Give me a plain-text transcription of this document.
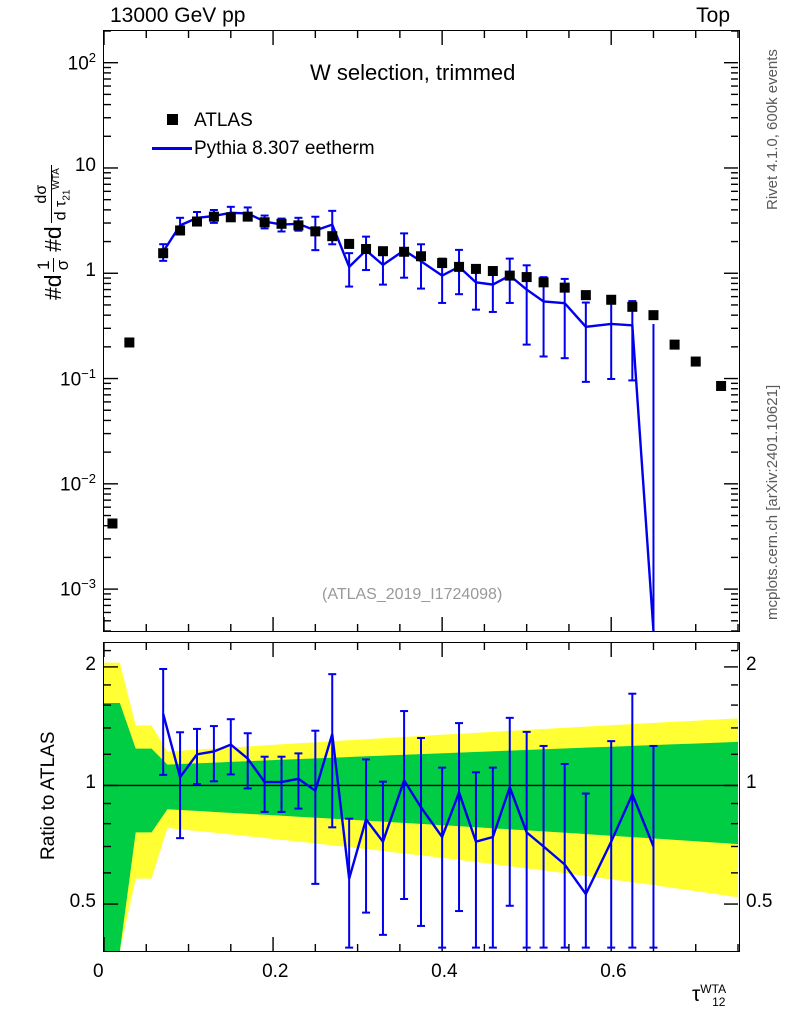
13000 GeV pp	Top
#d
1 σ
#d
dσ
d $\tau_{21}^{WTA}$
Ratio to ATLAS
Rivet 4.1.0, 600k events
mcplots.cern.ch [arXiv:2401.10621]
W selection, trimmed
(ATLAS_2019_I1724098)
ATLAS
Pythia 8.307 eetherm
$10^2$
10
1
$10^{-1}$
$10^{-2}$
$10^{-3}$
2
1
0.5
2
1
0.5
0	0.2	0.4	0.6
$\tau^{WTA}_{12}$
